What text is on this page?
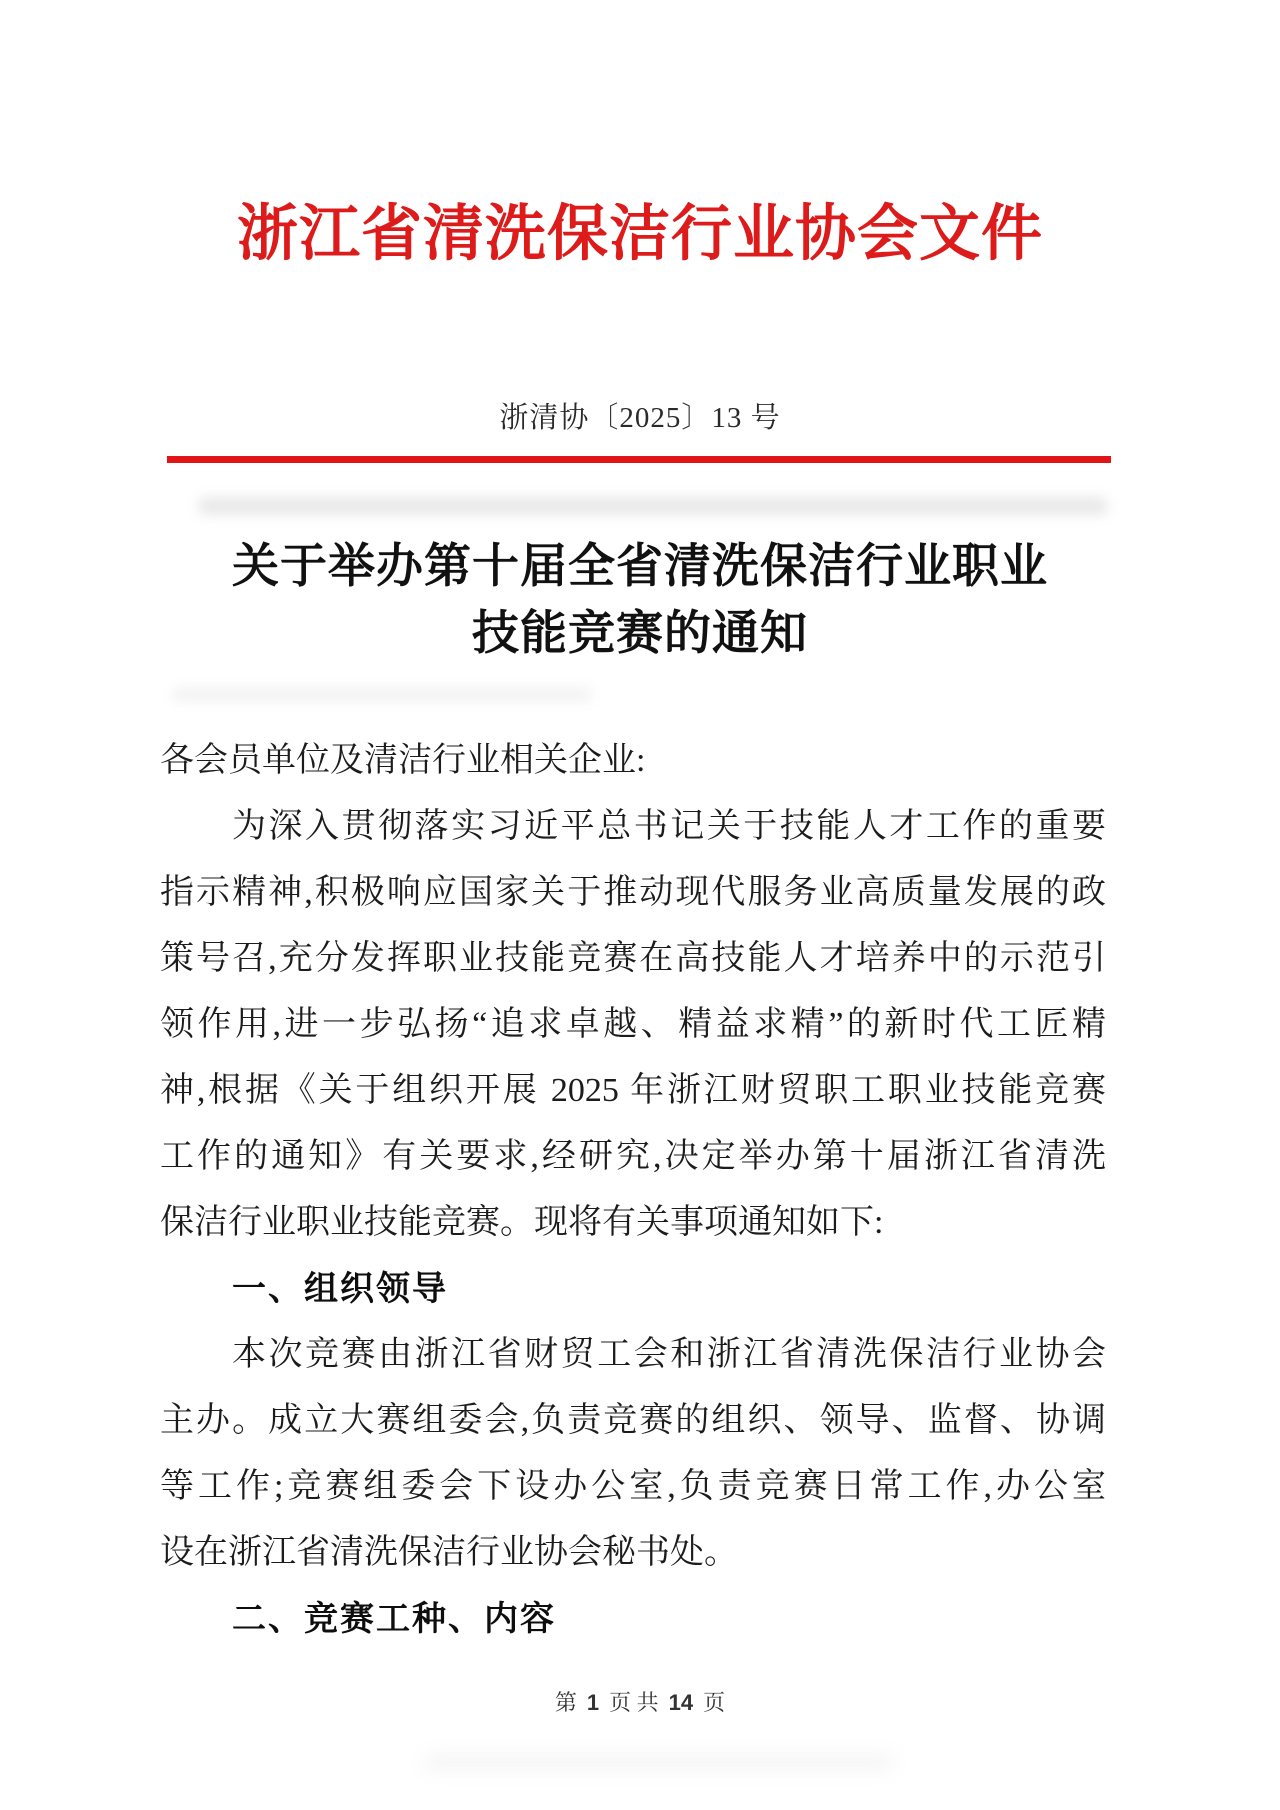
浙江省清洗保洁行业协会文件
浙清协〔2025〕13 号
关于举办第十届全省清洗保洁行业职业
技能竞赛的通知
各会员单位及清洁行业相关企业:
为深入贯彻落实习近平总书记关于技能人才工作的重要
指示精神,积极响应国家关于推动现代服务业高质量发展的政
策号召,充分发挥职业技能竞赛在高技能人才培养中的示范引
领作用,进一步弘扬“追求卓越、精益求精”的新时代工匠精
神,根据《关于组织开展 2025 年浙江财贸职工职业技能竞赛
工作的通知》有关要求,经研究,决定举办第十届浙江省清洗
保洁行业职业技能竞赛。现将有关事项通知如下:
一、组织领导
本次竞赛由浙江省财贸工会和浙江省清洗保洁行业协会
主办。成立大赛组委会,负责竞赛的组织、领导、监督、协调
等工作;竞赛组委会下设办公室,负责竞赛日常工作,办公室
设在浙江省清洗保洁行业协会秘书处。
二、竞赛工种、内容
第 1 页 共 14 页
